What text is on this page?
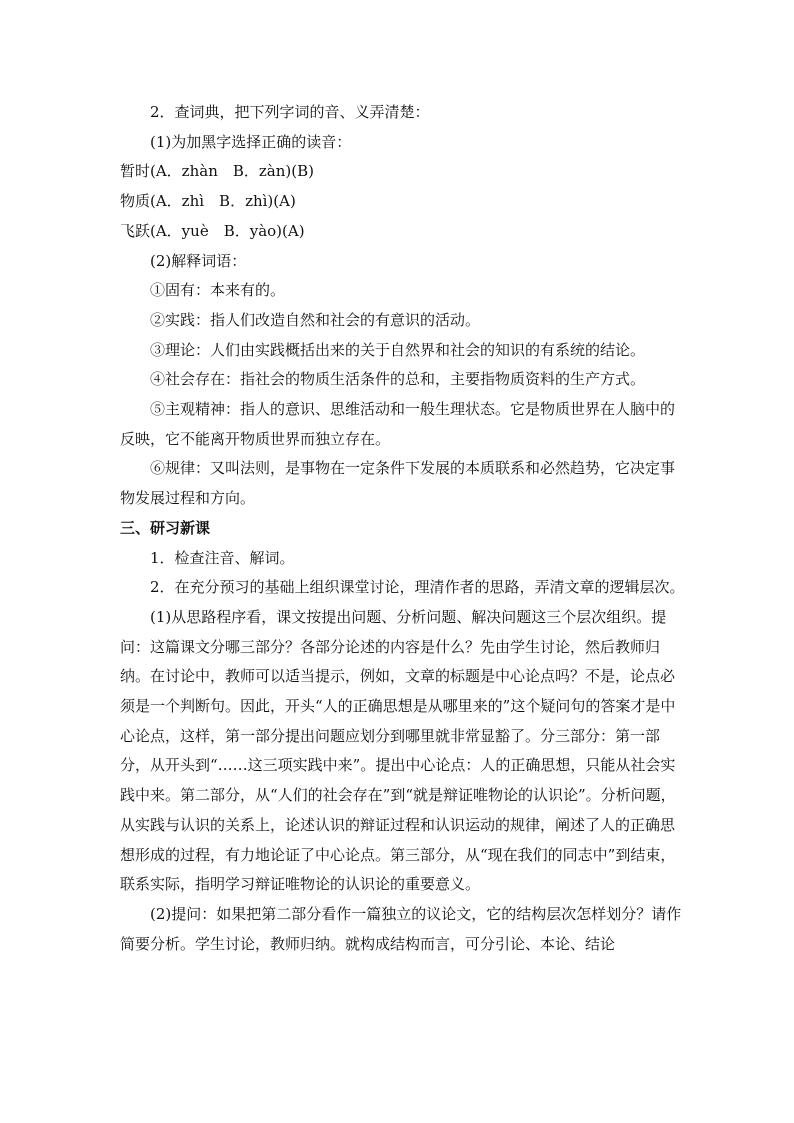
2．查词典，把下列字词的音、义弄清楚：

(1)为加黑字选择正确的读音：

暂时(A．zhàn　B．zàn)(B)

物质(A．zhì　B．zhì)(A)

飞跃(A．yuè　B．yào)(A)

(2)解释词语：

①固有：本来有的。

②实践：指人们改造自然和社会的有意识的活动。

③理论：人们由实践概括出来的关于自然界和社会的知识的有系统的结论。

④社会存在：指社会的物质生活条件的总和，主要指物质资料的生产方式。

⑤主观精神：指人的意识、思维活动和一般生理状态。它是物质世界在人脑中的反映，它不能离开物质世界而独立存在。

⑥规律：又叫法则，是事物在一定条件下发展的本质联系和必然趋势，它决定事物发展过程和方向。

三、研习新课

1．检查注音、解词。

2．在充分预习的基础上组织课堂讨论，理清作者的思路，弄清文章的逻辑层次。

(1)从思路程序看，课文按提出问题、分析问题、解决问题这三个层次组织。提问：这篇课文分哪三部分？各部分论述的内容是什么？先由学生讨论，然后教师归纳。在讨论中，教师可以适当提示，例如，文章的标题是中心论点吗？不是，论点必须是一个判断句。因此，开头“人的正确思想是从哪里来的”这个疑问句的答案才是中心论点，这样，第一部分提出问题应划分到哪里就非常显豁了。分三部分：第一部分，从开头到“……这三项实践中来”。提出中心论点：人的正确思想，只能从社会实践中来。第二部分，从“人们的社会存在”到“就是辩证唯物论的认识论”。分析问题，从实践与认识的关系上，论述认识的辩证过程和认识运动的规律，阐述了人的正确思想形成的过程，有力地论证了中心论点。第三部分，从“现在我们的同志中”到结束，联系实际，指明学习辩证唯物论的认识论的重要意义。

(2)提问：如果把第二部分看作一篇独立的议论文，它的结构层次怎样划分？请作简要分析。学生讨论，教师归纳。就构成结构而言，可分引论、本论、结论
